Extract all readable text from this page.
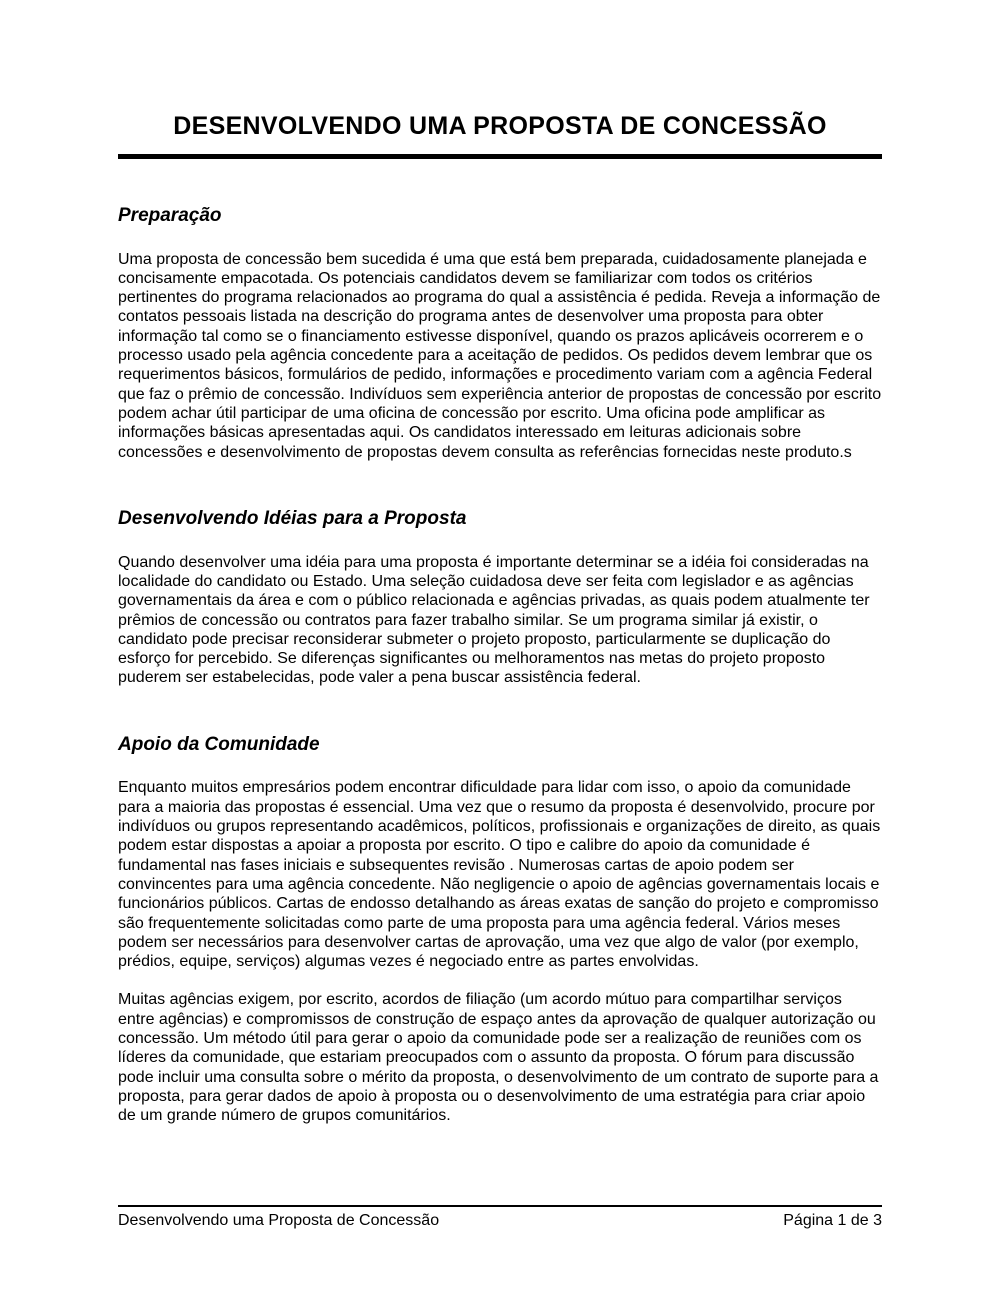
DESENVOLVENDO UMA PROPOSTA DE CONCESSÃO
Preparação

Uma proposta de concessão bem sucedida é uma que está bem preparada, cuidadosamente planejada e concisamente empacotada. Os potenciais candidatos devem se familiarizar com todos os critérios pertinentes do programa relacionados ao programa do qual a assistência é pedida. Reveja a informação de contatos pessoais listada na descrição do programa antes de desenvolver uma proposta para obter informação tal como se o financiamento estivesse disponível, quando os prazos aplicáveis ocorrerem e o processo usado pela agência concedente para a aceitação de pedidos. Os pedidos devem lembrar que os requerimentos básicos, formulários de pedido, informações e procedimento variam com a agência Federal que faz o prêmio de concessão. Indivíduos sem experiência anterior de propostas de concessão por escrito podem achar útil participar de uma oficina de concessão por escrito. Uma oficina pode amplificar as informações básicas apresentadas aqui. Os candidatos interessado em leituras adicionais sobre concessões e desenvolvimento de propostas devem consulta as referências fornecidas neste produto.s

Desenvolvendo Idéias para a Proposta

Quando desenvolver uma idéia para uma proposta é importante determinar se a idéia foi consideradas na localidade do candidato ou Estado. Uma seleção cuidadosa deve ser feita com legislador e as agências governamentais da área e com o público relacionada e agências privadas, as quais podem atualmente ter prêmios de concessão ou contratos para fazer trabalho similar. Se um programa similar já existir, o candidato pode precisar reconsiderar submeter o projeto proposto, particularmente se duplicação do esforço for percebido. Se diferenças significantes ou melhoramentos nas metas do projeto proposto puderem ser estabelecidas, pode valer a pena buscar assistência federal.

Apoio da Comunidade

Enquanto muitos empresários podem encontrar dificuldade para lidar com isso, o apoio da comunidade para a maioria das propostas é essencial. Uma vez que o resumo da proposta é desenvolvido, procure por indivíduos ou grupos representando acadêmicos, políticos, profissionais e organizações de direito, as quais podem estar dispostas a apoiar a proposta por escrito. O tipo e calibre do apoio da comunidade é fundamental nas fases iniciais e subsequentes revisão . Numerosas cartas de apoio podem ser convincentes para uma agência concedente. Não negligencie o apoio de agências governamentais locais e funcionários públicos. Cartas de endosso detalhando as áreas exatas de sanção do projeto e compromisso são frequentemente solicitadas como parte de uma proposta para uma agência federal. Vários meses podem ser necessários para desenvolver cartas de aprovação, uma vez que algo de valor (por exemplo, prédios, equipe, serviços) algumas vezes é negociado entre as partes envolvidas.

Muitas agências exigem, por escrito, acordos de filiação (um acordo mútuo para compartilhar serviços entre agências) e compromissos de construção de espaço antes da aprovação de qualquer autorização ou concessão. Um método útil para gerar o apoio da comunidade pode ser a realização de reuniões com os líderes da comunidade, que estariam preocupados com o assunto da proposta. O fórum para discussão pode incluir uma consulta sobre o mérito da proposta, o desenvolvimento de um contrato de suporte para a proposta, para gerar dados de apoio à proposta ou o desenvolvimento de uma estratégia para criar apoio de um grande número de grupos comunitários.

Desenvolvendo uma Proposta de Concessão	Página 1 de 3
